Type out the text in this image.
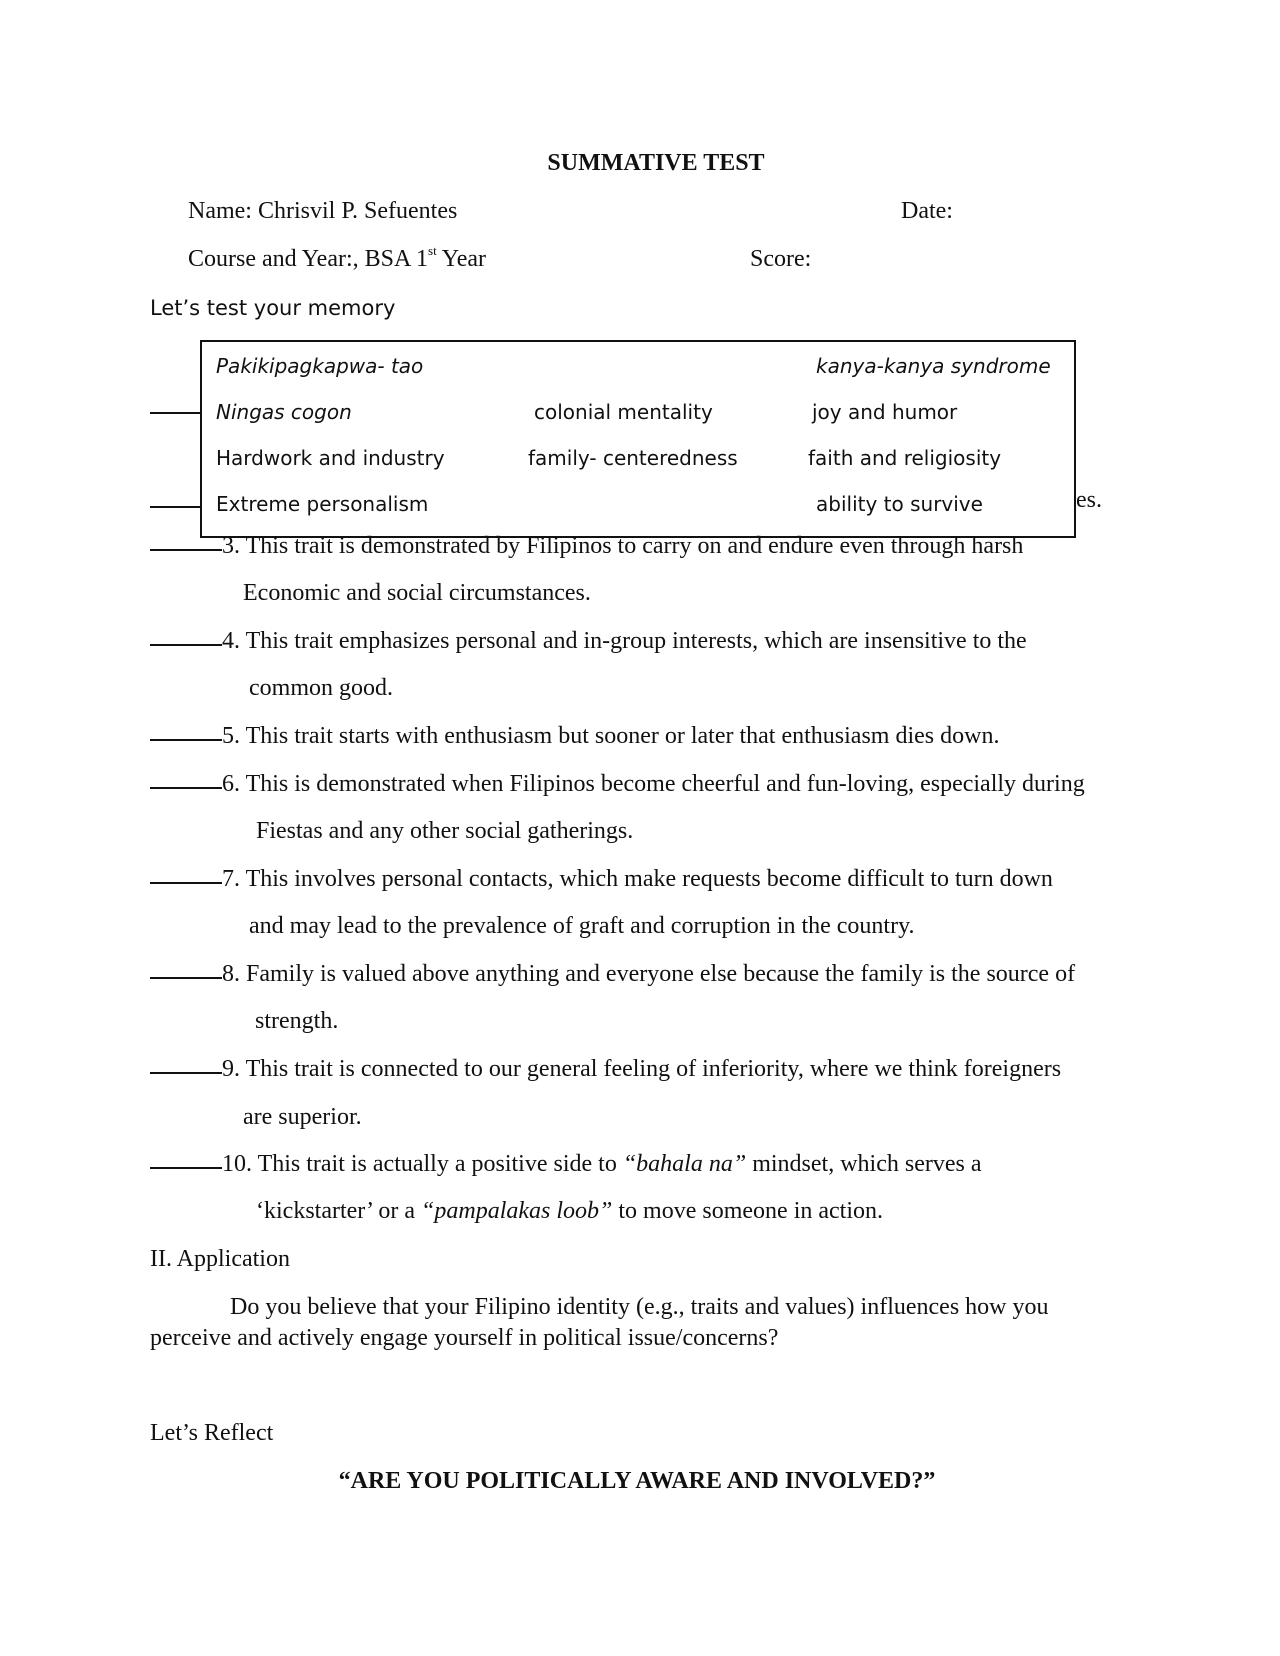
SUMMATIVE TEST
Name: Chrisvil P. Sefuentes	Date:
Course and Year:, BSA 1st Year	Score:
Let’s test your memory
es.
Pakikipagkapwa- tao	kanya-kanya syndrome
Ningas cogon	colonial mentality	joy and humor
Hardwork and industry	family- centeredness	faith and religiosity
Extreme personalism	ability to survive
3. This trait is demonstrated by Filipinos to carry on and endure even through harsh
Economic and social circumstances.
4. This trait emphasizes personal and in-group interests, which are insensitive to the
common good.
5. This trait starts with enthusiasm but sooner or later that enthusiasm dies down.
6. This is demonstrated when Filipinos become cheerful and fun-loving, especially during
Fiestas and any other social gatherings.
7. This involves personal contacts, which make requests become difficult to turn down
and may lead to the prevalence of graft and corruption in the country.
8. Family is valued above anything and everyone else because the family is the source of
strength.
9. This trait is connected to our general feeling of inferiority, where we think foreigners
are superior.
10. This trait is actually a positive side to “bahala na” mindset, which serves a
‘kickstarter’ or a “pampalakas loob” to move someone in action.
II. Application
Do you believe that your Filipino identity (e.g., traits and values) influences how you
perceive and actively engage yourself in political issue/concerns?
Let’s Reflect
“ARE YOU POLITICALLY AWARE AND INVOLVED?”
